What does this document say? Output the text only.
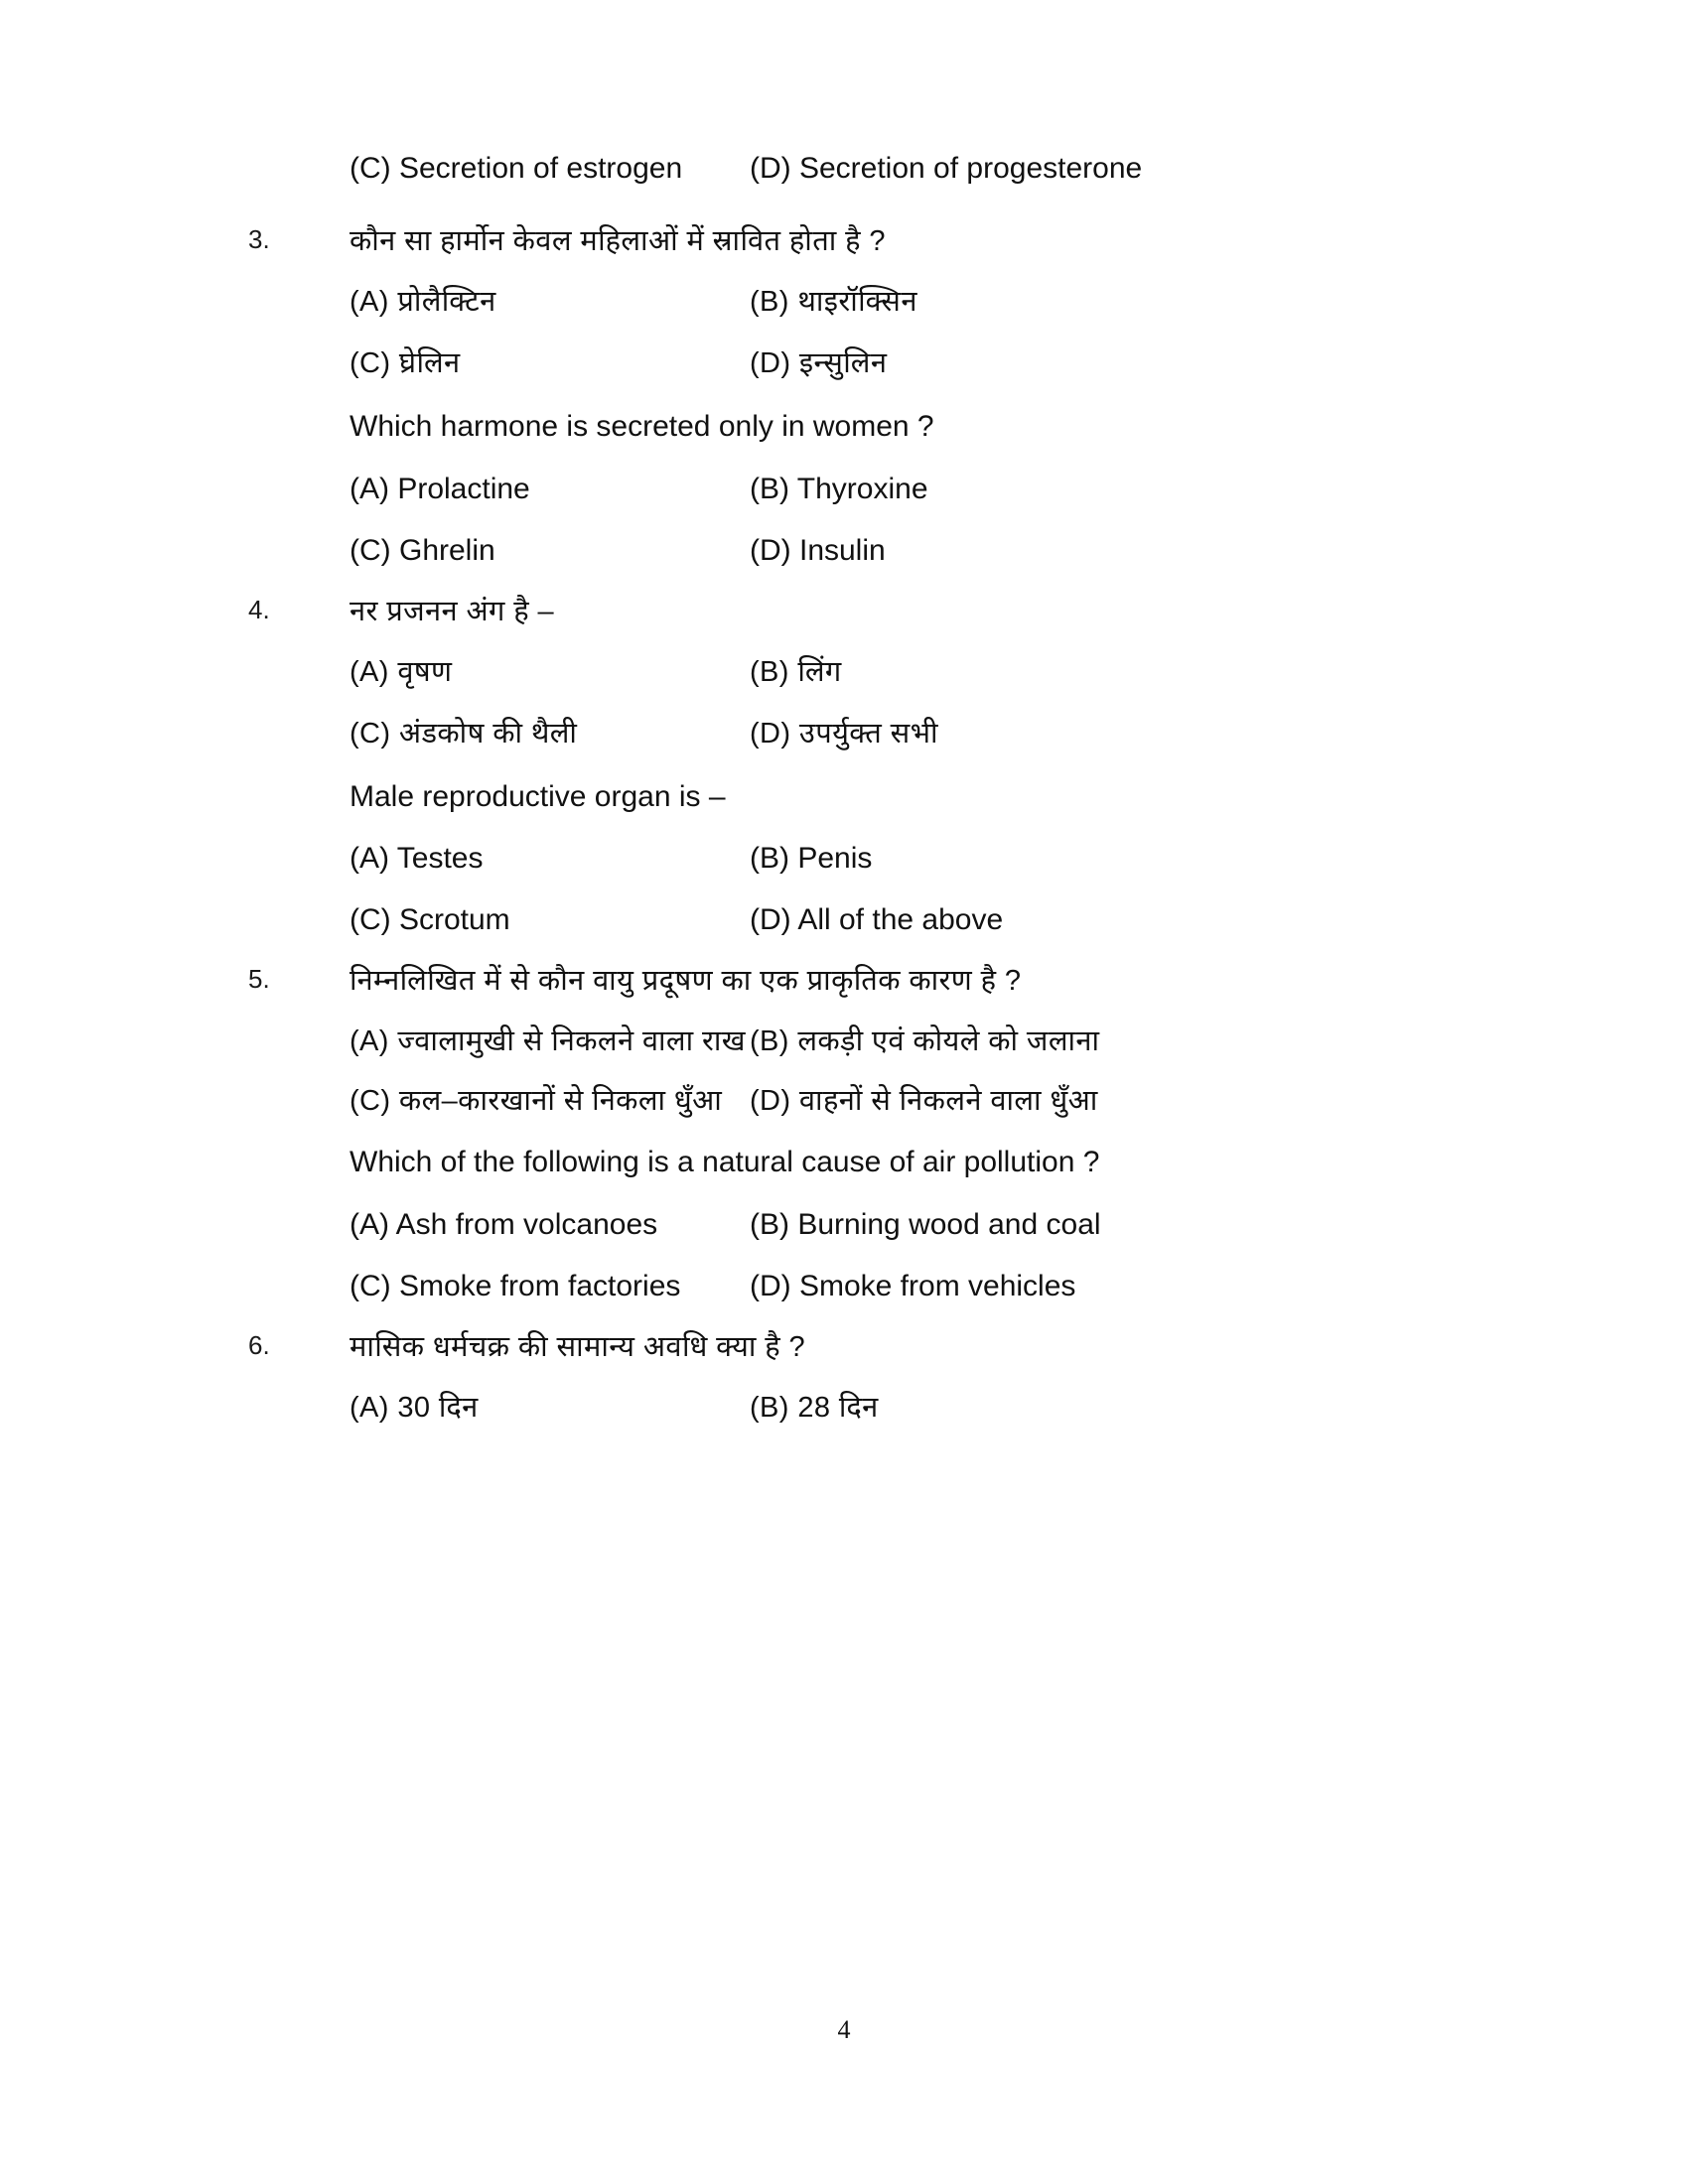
(C) Secretion of estrogen (D) Secretion of progesterone
3.	कौन सा हार्मोन केवल महिलाओं में स्रावित होता है ?
(A) प्रोलैक्टिन	(B) थाइरॉक्सिन
(C) घ्रेलिन	(D) इन्सुलिन
Which harmone is secreted only in women ?
(A) Prolactine	(B) Thyroxine
(C) Ghrelin	(D) Insulin
4.	नर प्रजनन अंग है –
(A) वृषण	(B) लिंग
(C) अंडकोष की थैली	(D) उपर्युक्त सभी
Male reproductive organ is –
(A) Testes	(B) Penis
(C) Scrotum	(D) All of the above
5.	निम्नलिखित में से कौन वायु प्रदूषण का एक प्राकृतिक कारण है ?
(A) ज्वालामुखी से निकलने वाला राख (B) लकड़ी एवं कोयले को जलाना
(C) कल–कारखानों से निकला धुँआ (D) वाहनों से निकलने वाला धुँआ
Which of the following is a natural cause of air pollution ?
(A) Ash from volcanoes	(B) Burning wood and coal
(C) Smoke from factories (D) Smoke from vehicles
6.	मासिक धर्मचक्र की सामान्य अवधि क्या है ?
(A) 30 दिन	(B) 28 दिन
4
